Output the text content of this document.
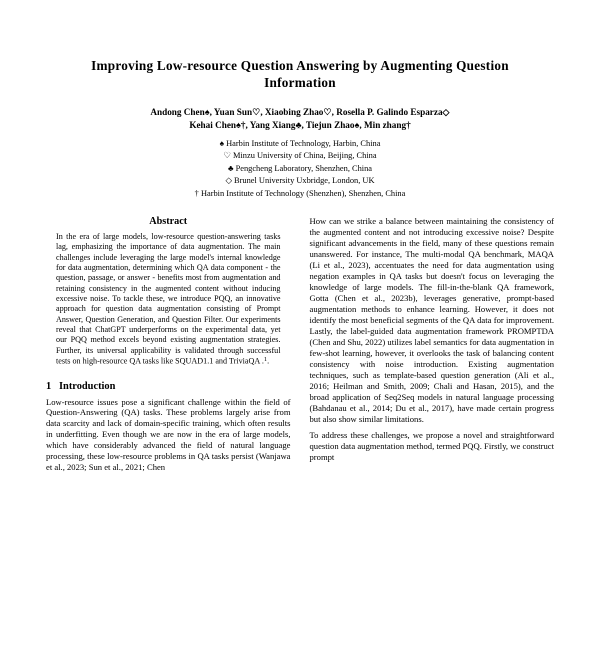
Improving Low-resource Question Answering by Augmenting Question Information
Andong Chen♠, Yuan Sun♡, Xiaobing Zhao♡, Rosella P. Galindo Esparza◇
Kehai Chen♠†, Yang Xiang♣, Tiejun Zhao♠, Min zhang†
♠ Harbin Institute of Technology, Harbin, China
♡ Minzu University of China, Beijing, China
♣ Pengcheng Laboratory, Shenzhen, China
◇ Brunel University Uxbridge, London, UK
† Harbin Institute of Technology (Shenzhen), Shenzhen, China
Abstract
In the era of large models, low-resource question-answering tasks lag, emphasizing the importance of data augmentation. The main challenges include leveraging the large model's internal knowledge for data augmentation, determining which QA data component - the question, passage, or answer - benefits most from augmentation and retaining consistency in the augmented content without inducing excessive noise. To tackle these, we introduce PQQ, an innovative approach for question data augmentation consisting of Prompt Answer, Question Generation, and Question Filter. Our experiments reveal that ChatGPT underperforms on the experimental data, yet our PQQ method excels beyond existing augmentation strategies. Further, its universal applicability is validated through successful tests on high-resource QA tasks like SQUAD1.1 and TriviaQA .$^1$.
1 Introduction
Low-resource issues pose a significant challenge within the field of Question-Answering (QA) tasks. These problems largely arise from data scarcity and lack of domain-specific training, which often results in underfitting. Even though we are now in the era of large models, which have considerably advanced the field of natural language processing, these low-resource problems in QA tasks persist (Wanjawa et al., 2023; Sun et al., 2021; Chen
How can we strike a balance between maintaining the consistency of the augmented content and not introducing excessive noise? Despite significant advancements in the field, many of these questions remain unanswered. For instance, The multi-modal QA benchmark, MAQA (Li et al., 2023), accentuates the need for data augmentation using negation examples in QA tasks but doesn't focus on leveraging the knowledge of large models. The fill-in-the-blank QA framework, Gotta (Chen et al., 2023b), leverages generative, prompt-based augmentation methods to enhance learning. However, it does not identify the most beneficial segments of the QA data for improvement. Lastly, the label-guided data augmentation framework PROMPTDA (Chen and Shu, 2022) utilizes label semantics for data augmentation in few-shot learning, however, it overlooks the task of balancing content consistency with noise introduction. Existing augmentation techniques, such as template-based question generation (Ali et al., 2016; Heilman and Smith, 2009; Chali and Hasan, 2015), and the broad application of Seq2Seq models in natural language processing (Bahdanau et al., 2014; Du et al., 2017), have made certain progress but also show similar limitations.
To address these challenges, we propose a novel and straightforward question data augmentation method, termed PQQ. Firstly, we construct prompt
